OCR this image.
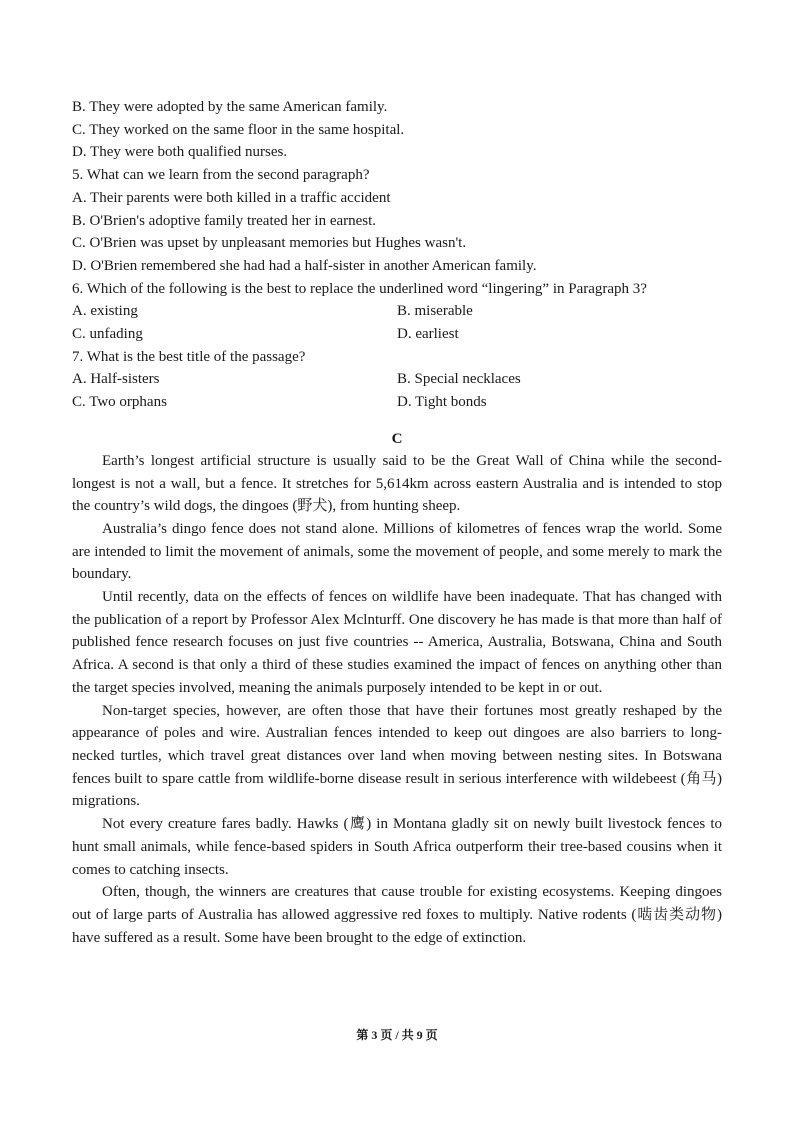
B. They were adopted by the same American family.
C. They worked on the same floor in the same hospital.
D. They were both qualified nurses.
5. What can we learn from the second paragraph?
A. Their parents were both killed in a traffic accident
B. O'Brien's adoptive family treated her in earnest.
C. O'Brien was upset by unpleasant memories but Hughes wasn't.
D. O'Brien remembered she had had a half-sister in another American family.
6. Which of the following is the best to replace the underlined word “lingering” in Paragraph 3?
A. existing	B. miserable
C. unfading	D. earliest
7. What is the best title of the passage?
A. Half-sisters	B. Special necklaces
C. Two orphans	D. Tight bonds
C

Earth’s longest artificial structure is usually said to be the Great Wall of China while the second-longest is not a wall, but a fence. It stretches for 5,614km across eastern Australia and is intended to stop the country’s wild dogs, the dingoes (野犬), from hunting sheep.

Australia’s dingo fence does not stand alone. Millions of kilometres of fences wrap the world. Some are intended to limit the movement of animals, some the movement of people, and some merely to mark the boundary.

Until recently, data on the effects of fences on wildlife have been inadequate. That has changed with the publication of a report by Professor Alex Mclnturff. One discovery he has made is that more than half of published fence research focuses on just five countries -- America, Australia, Botswana, China and South Africa. A second is that only a third of these studies examined the impact of fences on anything other than the target species involved, meaning the animals purposely intended to be kept in or out.

Non-target species, however, are often those that have their fortunes most greatly reshaped by the appearance of poles and wire. Australian fences intended to keep out dingoes are also barriers to long-necked turtles, which travel great distances over land when moving between nesting sites. In Botswana fences built to spare cattle from wildlife-borne disease result in serious interference with wildebeest (角马) migrations.

Not every creature fares badly. Hawks (鹰) in Montana gladly sit on newly built livestock fences to hunt small animals, while fence-based spiders in South Africa outperform their tree-based cousins when it comes to catching insects.

Often, though, the winners are creatures that cause trouble for existing ecosystems. Keeping dingoes out of large parts of Australia has allowed aggressive red foxes to multiply. Native rodents (啮齿类动物) have suffered as a result. Some have been brought to the edge of extinction.

第 3 页 / 共 9 页
